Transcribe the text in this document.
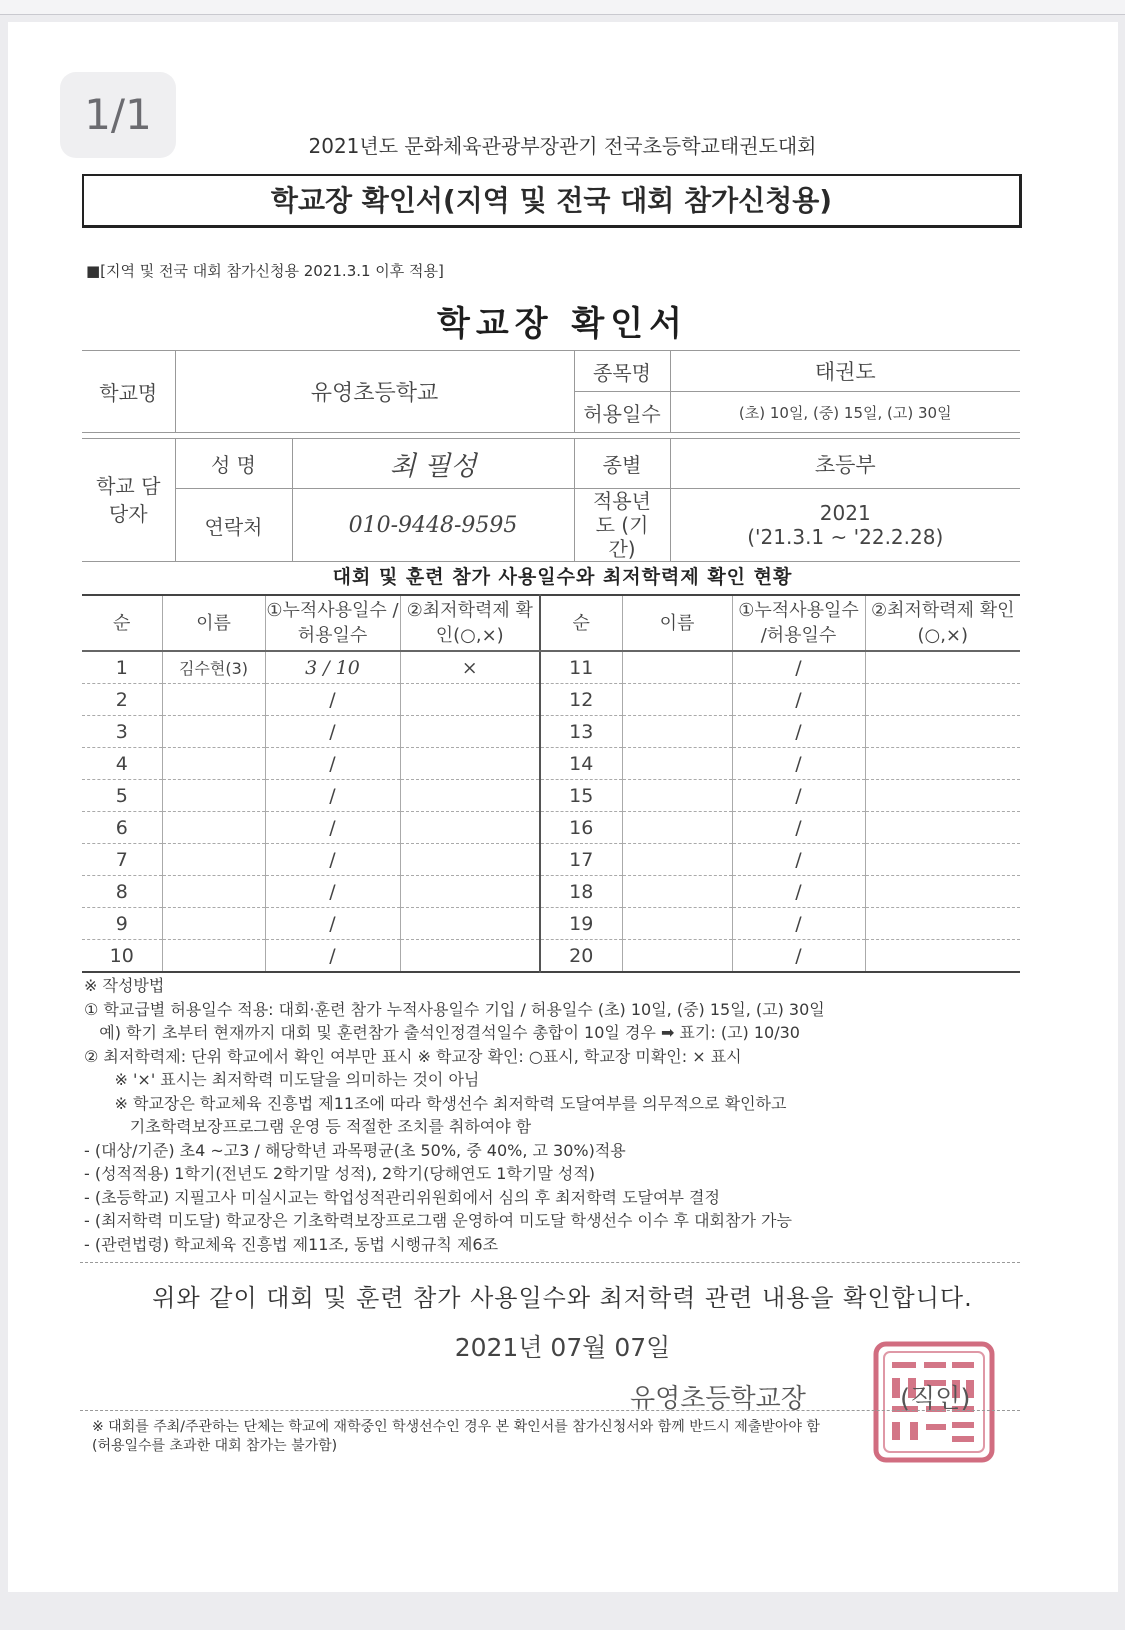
1/1
2021년도 문화체육관광부장관기 전국초등학교태권도대회
학교장 확인서(지역 및 전국 대회 참가신청용)
■[지역 및 전국 대회 참가신청용 2021.3.1 이후 적용]
학교장 확인서
학교명	유영초등학교		종목명	태권도
			허용일수	(초) 10일, (중) 15일, (고) 30일

학교 담당자	성 명	최 필성	종별	초등부
	연락처	010-9448-9595	적용년도 (기간)	2021
('21.3.1 ~ '22.2.28)
대회 및 훈련 참가 사용일수와 최저학력제 확인 현황
순	이름	①누적사용일수 /허용일수	②최저학력제 확인(○,×)	순	이름	①누적사용일수 /허용일수	②최저학력제 확인(○,×)
1	김수현(3)	3 / 10	×	11		/	
2		/		12		/	
3		/		13		/	
4		/		14		/	
5		/		15		/	
6		/		16		/	
7		/		17		/	
8		/		18		/	
9		/		19		/	
10		/		20		/	

※ 작성방법

① 학교급별 허용일수 적용: 대회·훈련 참가 누적사용일수 기입 / 허용일수 (초) 10일, (중) 15일, (고) 30일

예) 학기 초부터 현재까지 대회 및 훈련참가 출석인정결석일수 총합이 10일 경우 ➡ 표기: (고) 10/30

② 최저학력제: 단위 학교에서 확인 여부만 표시 ※ 학교장 확인: ○표시, 학교장 미확인: × 표시

※ '×' 표시는 최저학력 미도달을 의미하는 것이 아님

※ 학교장은 학교체육 진흥법 제11조에 따라 학생선수 최저학력 도달여부를 의무적으로 확인하고

기초학력보장프로그램 운영 등 적절한 조치를 취하여야 함

- (대상/기준) 초4 ~고3 / 해당학년 과목평균(초 50%, 중 40%, 고 30%)적용

- (성적적용) 1학기(전년도 2학기말 성적), 2학기(당해연도 1학기말 성적)

- (초등학교) 지필고사 미실시교는 학업성적관리위원회에서 심의 후 최저학력 도달여부 결정

- (최저학력 미도달) 학교장은 기초학력보장프로그램 운영하여 미도달 학생선수 이수 후 대회참가 가능

- (관련법령) 학교체육 진흥법 제11조, 동법 시행규칙 제6조

위와 같이 대회 및 훈련 참가 사용일수와 최저학력 관련 내용을 확인합니다.
2021년 07월 07일
유영초등학교장	(직인)

※ 대회를 주최/주관하는 단체는 학교에 재학중인 학생선수인 경우 본 확인서를 참가신청서와 함께 반드시 제출받아야 함

(허용일수를 초과한 대회 참가는 불가함)
